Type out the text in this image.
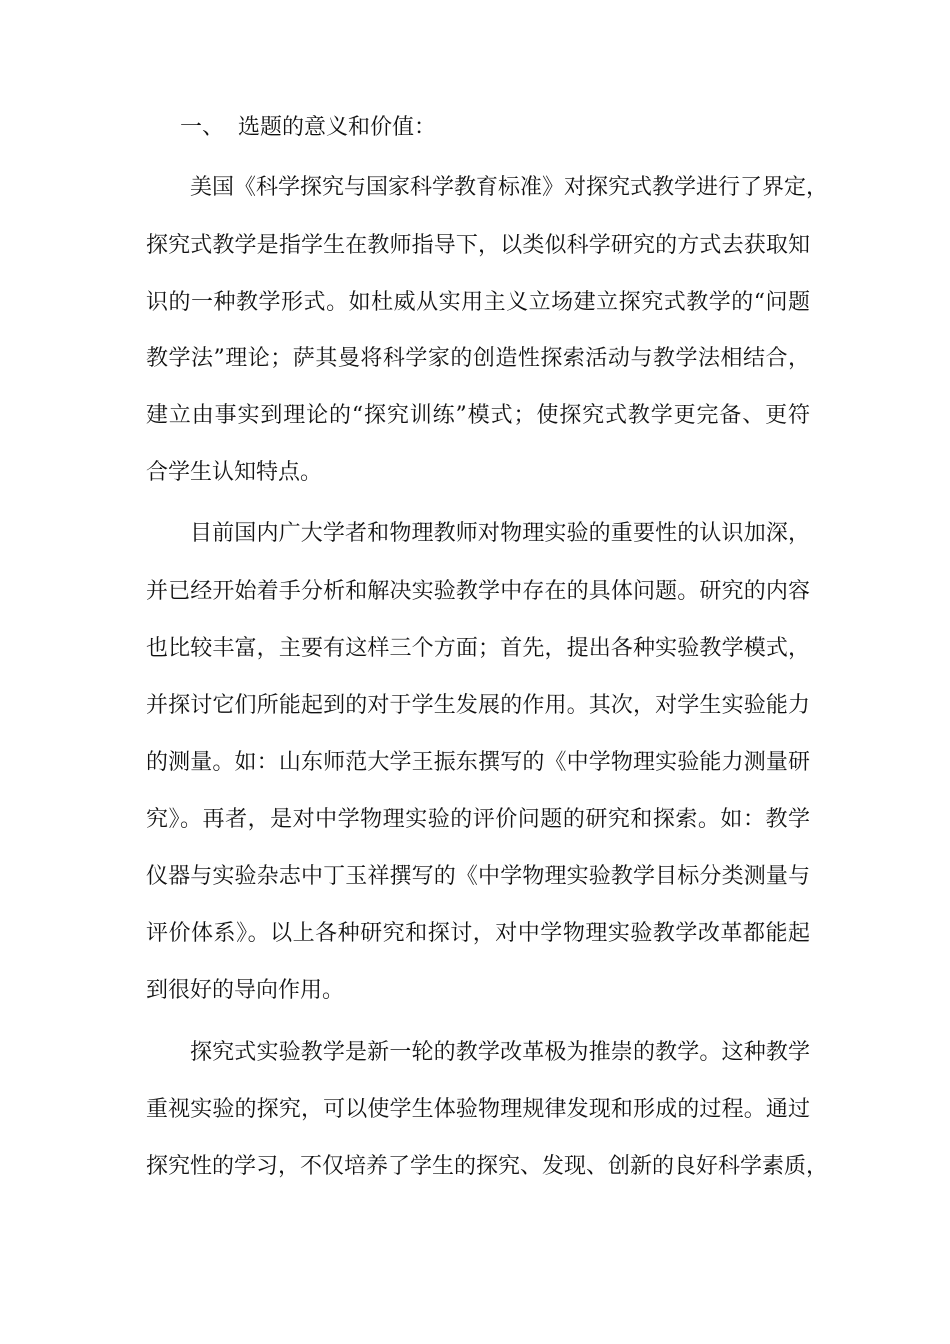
一、 选题的意义和价值：
美国《科学探究与国家科学教育标准》对探究式教学进行了界定，
探究式教学是指学生在教师指导下，以类似科学研究的方式去获取知
识的一种教学形式。如杜威从实用主义立场建立探究式教学的“问题
教学法”理论；萨其曼将科学家的创造性探索活动与教学法相结合，
建立由事实到理论的“探究训练”模式；使探究式教学更完备、更符
合学生认知特点。
目前国内广大学者和物理教师对物理实验的重要性的认识加深，
并已经开始着手分析和解决实验教学中存在的具体问题。研究的内容
也比较丰富，主要有这样三个方面；首先，提出各种实验教学模式，
并探讨它们所能起到的对于学生发展的作用。其次，对学生实验能力
的测量。如：山东师范大学王振东撰写的《中学物理实验能力测量研
究》。再者，是对中学物理实验的评价问题的研究和探索。如：教学
仪器与实验杂志中丁玉祥撰写的《中学物理实验教学目标分类测量与
评价体系》。以上各种研究和探讨，对中学物理实验教学改革都能起
到很好的导向作用。
探究式实验教学是新一轮的教学改革极为推崇的教学。这种教学
重视实验的探究，可以使学生体验物理规律发现和形成的过程。通过
探究性的学习，不仅培养了学生的探究、发现、创新的良好科学素质，
